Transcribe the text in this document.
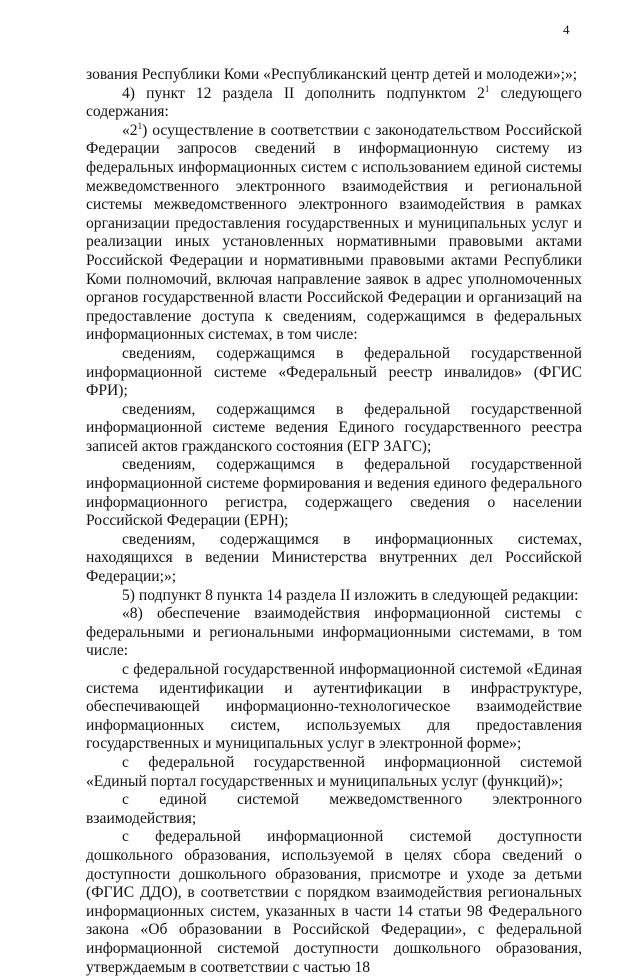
4

зования Республики Коми «Республиканский центр детей и молодежи»;»;

4) пункт 12 раздела II дополнить подпунктом $2^1$ следующего содержания:

«$2^1$) осуществление в соответствии с законодательством Российской Федерации запросов сведений в информационную систему из федеральных информационных систем с использованием единой системы межведомственного электронного взаимодействия и региональной системы межведомственного электронного взаимодействия в рамках организации предоставления государственных и муниципальных услуг и реализации иных установленных нормативными правовыми актами Российской Федерации и нормативными правовыми актами Республики Коми полномочий, включая направление заявок в адрес уполномоченных органов государственной власти Российской Федерации и организаций на предоставление доступа к сведениям, содержащимся в федеральных информационных системах, в том числе:

сведениям, содержащимся в федеральной государственной информационной системе «Федеральный реестр инвалидов» (ФГИС ФРИ);

сведениям, содержащимся в федеральной государственной информационной системе ведения Единого государственного реестра записей актов гражданского состояния (ЕГР ЗАГС);

сведениям, содержащимся в федеральной государственной информационной системе формирования и ведения единого федерального информационного регистра, содержащего сведения о населении Российской Федерации (ЕРН);

сведениям, содержащимся в информационных системах, находящихся в ведении Министерства внутренних дел Российской Федерации;»;

5) подпункт 8 пункта 14 раздела II изложить в следующей редакции:

«8) обеспечение взаимодействия информационной системы с федеральными и региональными информационными системами, в том числе:

с федеральной государственной информационной системой «Единая система идентификации и аутентификации в инфраструктуре, обеспечивающей информационно-технологическое взаимодействие информационных систем, используемых для предоставления государственных и муниципальных услуг в электронной форме»;

с федеральной государственной информационной системой «Единый портал государственных и муниципальных услуг (функций)»;

с единой системой межведомственного электронного взаимодействия;

с федеральной информационной системой доступности дошкольного образования, используемой в целях сбора сведений о доступности дошкольного образования, присмотре и уходе за детьми (ФГИС ДДО), в соответствии с порядком взаимодействия региональных информационных систем, указанных в части 14 статьи 98 Федерального закона «Об образовании в Российской Федерации», с федеральной информационной системой доступности дошкольного образования, утверждаемым в соответствии с частью 18
